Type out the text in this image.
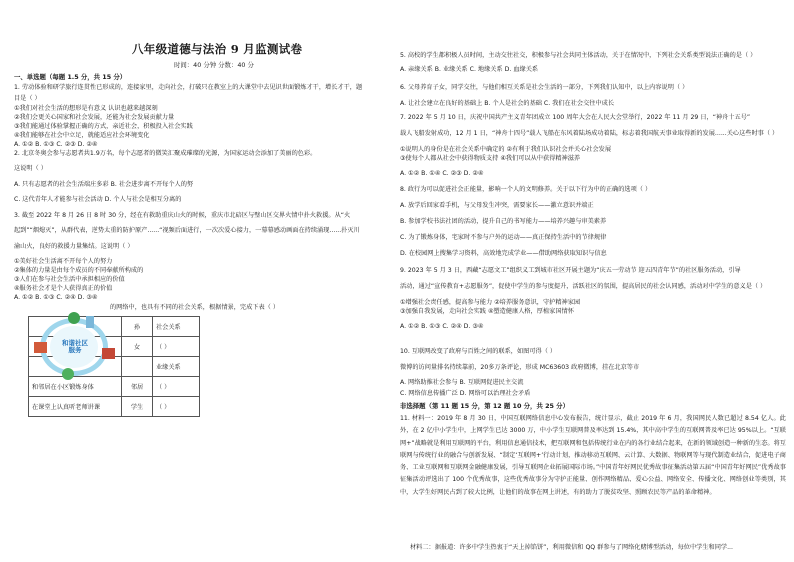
八年级道德与法治 9 月监测试卷
时间：40 分钟 分数：40 分
一、单选题（每题 1.5 分，共 15 分）
1. 劳动体验和研学旅行连贯性已形成的，连接家里，走向社会，打破只在教室上的大课堂中去见识世面锻炼才干，增长才干，题
目是（ ）
①我们对社会生活的想形是有意义 认识也越来越深刻
②我们会更关心国家和社会发展，还能为社会发展贡献力量
③我们能通过体验掌握正确的方式，亲近社会，积极投入社会实践
④我们能够在社会中立足，就能适应社会环境变化
A. ①② B. ①③ C. ②③ D. ②④
2. 北京冬奥会参与志愿者共1.9万名，每个志愿者的微笑汇聚成璀璨的光源，为国家运动会添加了美丽的色彩。
这说明（ ）
A. 只有志愿者的社会生活端庄多彩 B. 社会进步离不开每个人的努
C. 这代青年人才能参与社会活动 D. 个人与社会是相互分离的
3. 截至 2022 年 8 月 26 日 8 时 30 分，经在有救助重庆山火的时候，重庆市北碚区与璧山区交界火情中扑火救援。从“火
起到”“烟熄灭”，从群代表，逆势太重的防护原产......“视频后面进行，一次次爱心接力，一幕幕感动画面在持续涌现......扑灭川
渝山火，良好的救援力量集结。这说明（ ）
①美好社会生活离不开每个人的努力
②集体的力量是由每个成员的不同奉献所构成的
③人们在参与社会生活中承担相应的价值
④服务社会才是个人获得真正的价值
A. ①② B. ①③ C. ②④ D. ③④
的网络中，也具有不同的社会关系，根据情景，完成下表（ ）
	孙	社会关系
	女	（ ）
		业缘关系
和邻居在小区锻炼身体	邻居	（ ）
在课堂上认真听老师讲课	学生	（ ）
和谐社区服务
5. 高校的学生都积极人员时间，主动交往社交，积极参与社会共同主体活动，关于在情况中，下列社会关系类型说法正确的是（ ）
A. 亲缘关系 B. 业缘关系 C. 地缘关系 D. 血缘关系
6. 父母养育子女，同学交往，与他们相互关系是社会生活的一部分，下列我们认知中，以上内容说明（ ）
A. 让社会建立在良好的基础上 B. 个人是社会的基础 C. 我们在社会交往中成长
7. 2022 年 5 月 10 日，庆祝中国共产主义青年团成立 100 周年大会在人民大会堂举行，2022 年 11 月 29 日，“神舟十五号”
载人飞船发射成功，12 月 1 日，“神舟十四号”载人飞船在东风着陆场成功着陆，标志着我国航天事业取得新的发展......关心这些时事（ ）
①说明人的身份是在社会关系中确定的 ②有利于我们认识社会并关心社会发展
③使每个人都从社会中获得物质支持 ④我们可以从中获得精神滋养
A. ①② B. ①④ C. ②③ D. ②④
8. 政行为可以促进社会正能量，影响一个人的文明修养。关于以下行为中的正确的选项（ ）
A. 放学后回家看手机，与父母发生冲突，需要家长——激立意识并端正
B. 参加学校书法社团的活动，提升自己的书写能力——培养兴趣与审美素养
C. 为了锻炼身体，宅家时不参与户外的运动——真正保持生活中的节律规律
D. 在校园网上搜集学习资料，高效地完成学业——借助网络获取知识与信息
9. 2023 年 5 月 3 日，西藏“志愿文工”组织义工到城市社区开展主题为“庆五一劳动节 迎五四青年节”的社区服务活动，引导
活动，通过“宣传教育+志愿服务”，促使中学生的参与度提升，活跃社区的氛围，提高居民的社会认同感，活动对中学生的意义是（ ）
①增强社会责任感，提高参与能力 ②培养服务意识，守护精神家园
③加强自我发展，走向社会实践 ④塑造健康人格，厚植家国情怀
A. ①② B. ①③ C. ②④ D. ③④
10. 互联网改变了政府与百姓之间的联系，如图可得（ ）
微博的访问量排名持续靠前，20多万条评论，形成 MC63603 政府微博，挂在北京等市
A. 网络助推社会参与 B. 互联网促进民主交流
C. 网络信息传播广泛 D. 网络可以治理社会矛盾
非选择题（第 11 题 15 分，第 12 题 10 分，共 25 分）
11. 材料一：2019 年 8 月 30 日，中国互联网络信息中心发布报告，统计显示，截止 2019 年 6 月，我国网民人数已超过 8.54 亿人。此外，在 2 亿中小学生中，上网学生已达 3000 万，中小学生互联网普及率达到 15.4%，其中高中学生的互联网普及率已达 95%以上。“互联网+”战略就是利用互联网的平台，利用信息通信技术，把互联网和包括传统行业在内的各行业结合起来，在新的领域创造一种新的生态。将互联网与传统行业的融合与创新发展、“制定‘互联网+’行动计划，推动移动互联网、云计算、大数据、物联网等与现代制造业结合，促进电子商务、工业互联网和互联网金融健康发展，引导互联网企业拓展国际市场。”中国青年好网民优秀故事征集活动第五届“中国青年好网民”优秀故事征集活动评选出了 100 个优秀故事，这些优秀故事分为守护正能量、创作网络精品、爱心公益、网络安全、传播文化、网络创业等类别，其中，大学生好网民占到了较大比例，让他们的故事在网上讲述，有的助力了脱贫攻坚、照顾农民等产品的革命精神。
材料二：据报道：许多中学生热衷于“天上掉馅饼”，利用微信和 QQ 群参与了网络化赌博型活动，每位中学生和同学...
